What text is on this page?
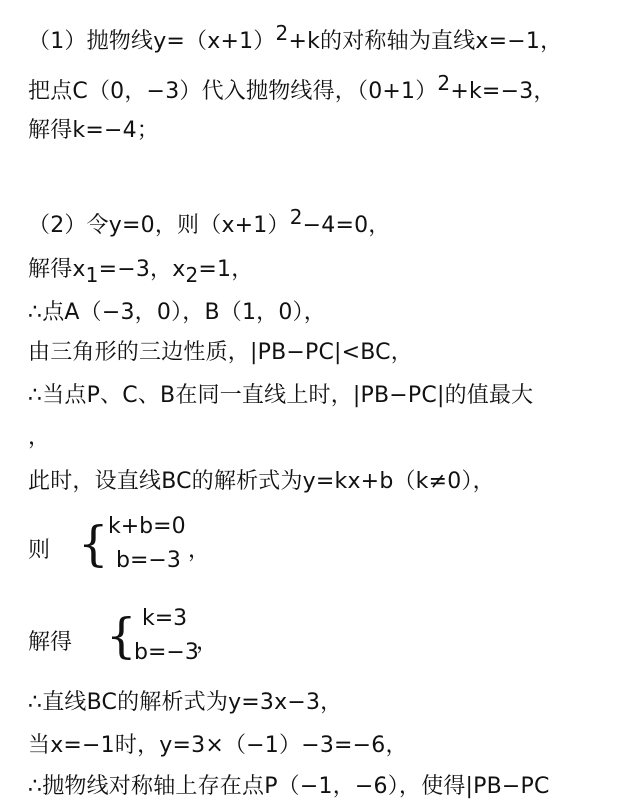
（1）抛物线y=（x+1）2+k的对称轴为直线x=−1，
把点C（0，−3）代入抛物线得，（0+1）2+k=−3，
解得k=−4；
（2）令y=0，则（x+1）2−4=0，
解得x1=−3，x2=1，
∴点A（−3，0），B（1，0），
由三角形的三边性质，|PB−PC|<BC，
∴当点P、C、B在同一直线上时，|PB−PC|的值最大
，
此时，设直线BC的解析式为y=kx+b（k≠0），
则 { k+b=0
b=−3 ，
解得 { k=3
b=−3
，
∴直线BC的解析式为y=3x−3，
当x=−1时，y=3×（−1）−3=−6，
∴抛物线对称轴上存在点P（−1，−6），使得|PB−PC
